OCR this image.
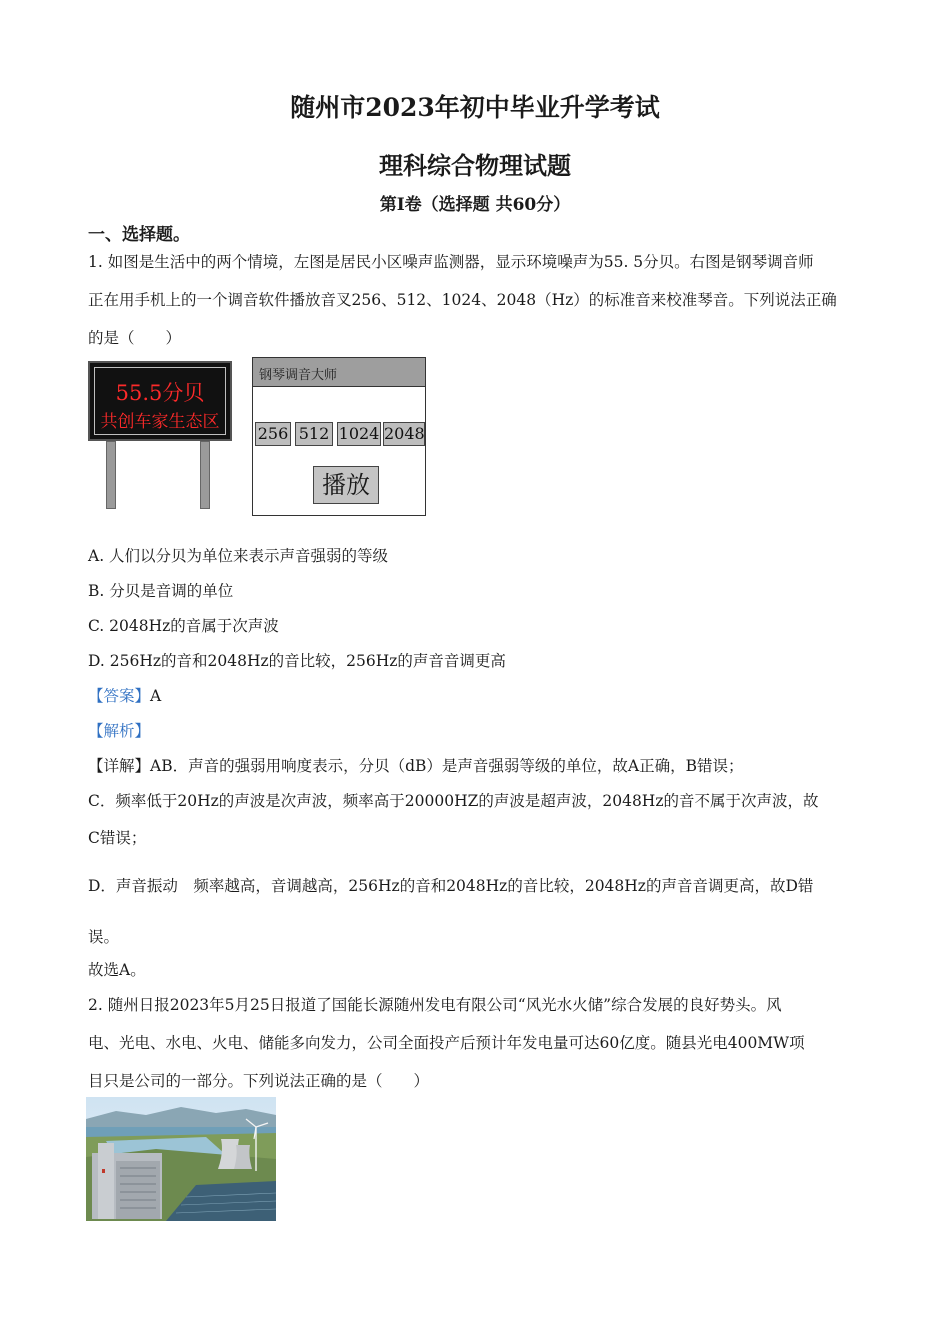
随州市2023年初中毕业升学考试
理科综合物理试题
第Ⅰ卷（选择题 共60分）
一、选择题。
1. 如图是生活中的两个情境，左图是居民小区噪声监测器，显示环境噪声为55. 5分贝。右图是钢琴调音师
正在用手机上的一个调音软件播放音叉256、512、1024、2048（Hz）的标准音来校准琴音。下列说法正确
的是（　　）
55.5分贝
共创车家生态区
钢琴调音大师
256 512 1024 2048
播放
A. 人们以分贝为单位来表示声音强弱的等级
B. 分贝是音调的单位
C. 2048Hz的音属于次声波
D. 256Hz的音和2048Hz的音比较，256Hz的声音音调更高
【答案】A
【解析】
【详解】AB．声音的强弱用响度表示，分贝（dB）是声音强弱等级的单位，故A正确，B错误；
C．频率低于20Hz的声波是次声波，频率高于20000HZ的声波是超声波，2048Hz的音不属于次声波，故
C错误；
D．声音振动　频率越高，音调越高，256Hz的音和2048Hz的音比较，2048Hz的声音音调更高，故D错
误。
故选A。
2. 随州日报2023年5月25日报道了国能长源随州发电有限公司“风光水火储”综合发展的良好势头。风
电、光电、水电、火电、储能多向发力，公司全面投产后预计年发电量可达60亿度。随县光电400MW项
目只是公司的一部分。下列说法正确的是（　　）
